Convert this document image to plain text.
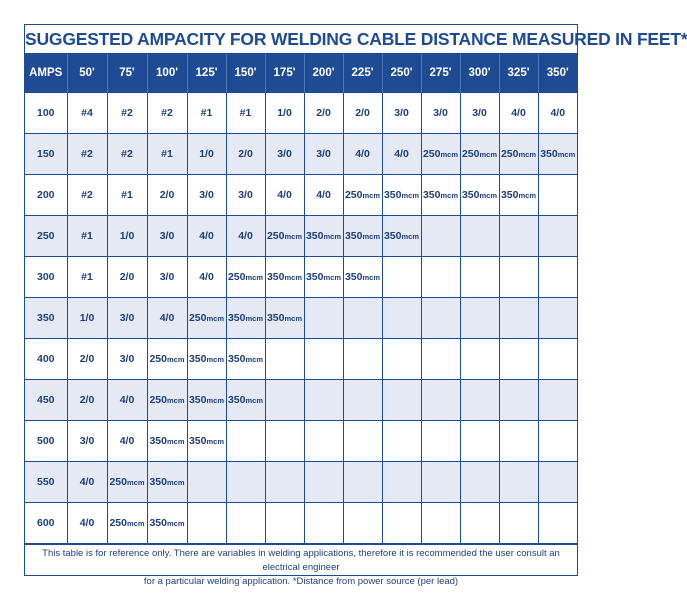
SUGGESTED AMPACITY FOR WELDING CABLE DISTANCE MEASURED IN FEET*
AMPS	50'	75'	100'	125'	150'	175'	200'	225'	250'	275'	300'	325'	350'
100	#4	#2	#2	#1	#1	1/0	2/0	2/0	3/0	3/0	3/0	4/0	4/0
150	#2	#2	#1	1/0	2/0	3/0	3/0	4/0	4/0	250mcm	250mcm	250mcm	350mcm
200	#2	#1	2/0	3/0	3/0	4/0	4/0	250mcm	350mcm	350mcm	350mcm	350mcm	
250	#1	1/0	3/0	4/0	4/0	250mcm	350mcm	350mcm	350mcm				
300	#1	2/0	3/0	4/0	250mcm	350mcm	350mcm	350mcm					
350	1/0	3/0	4/0	250mcm	350mcm	350mcm							
400	2/0	3/0	250mcm	350mcm	350mcm								
450	2/0	4/0	250mcm	350mcm	350mcm								
500	3/0	4/0	350mcm	350mcm									
550	4/0	250mcm	350mcm										
600	4/0	250mcm	350mcm										
This table is for reference only. There are variables in welding applications, therefore it is recommended the user consult an electrical engineer
for a particular welding application. *Distance from power source (per lead)
